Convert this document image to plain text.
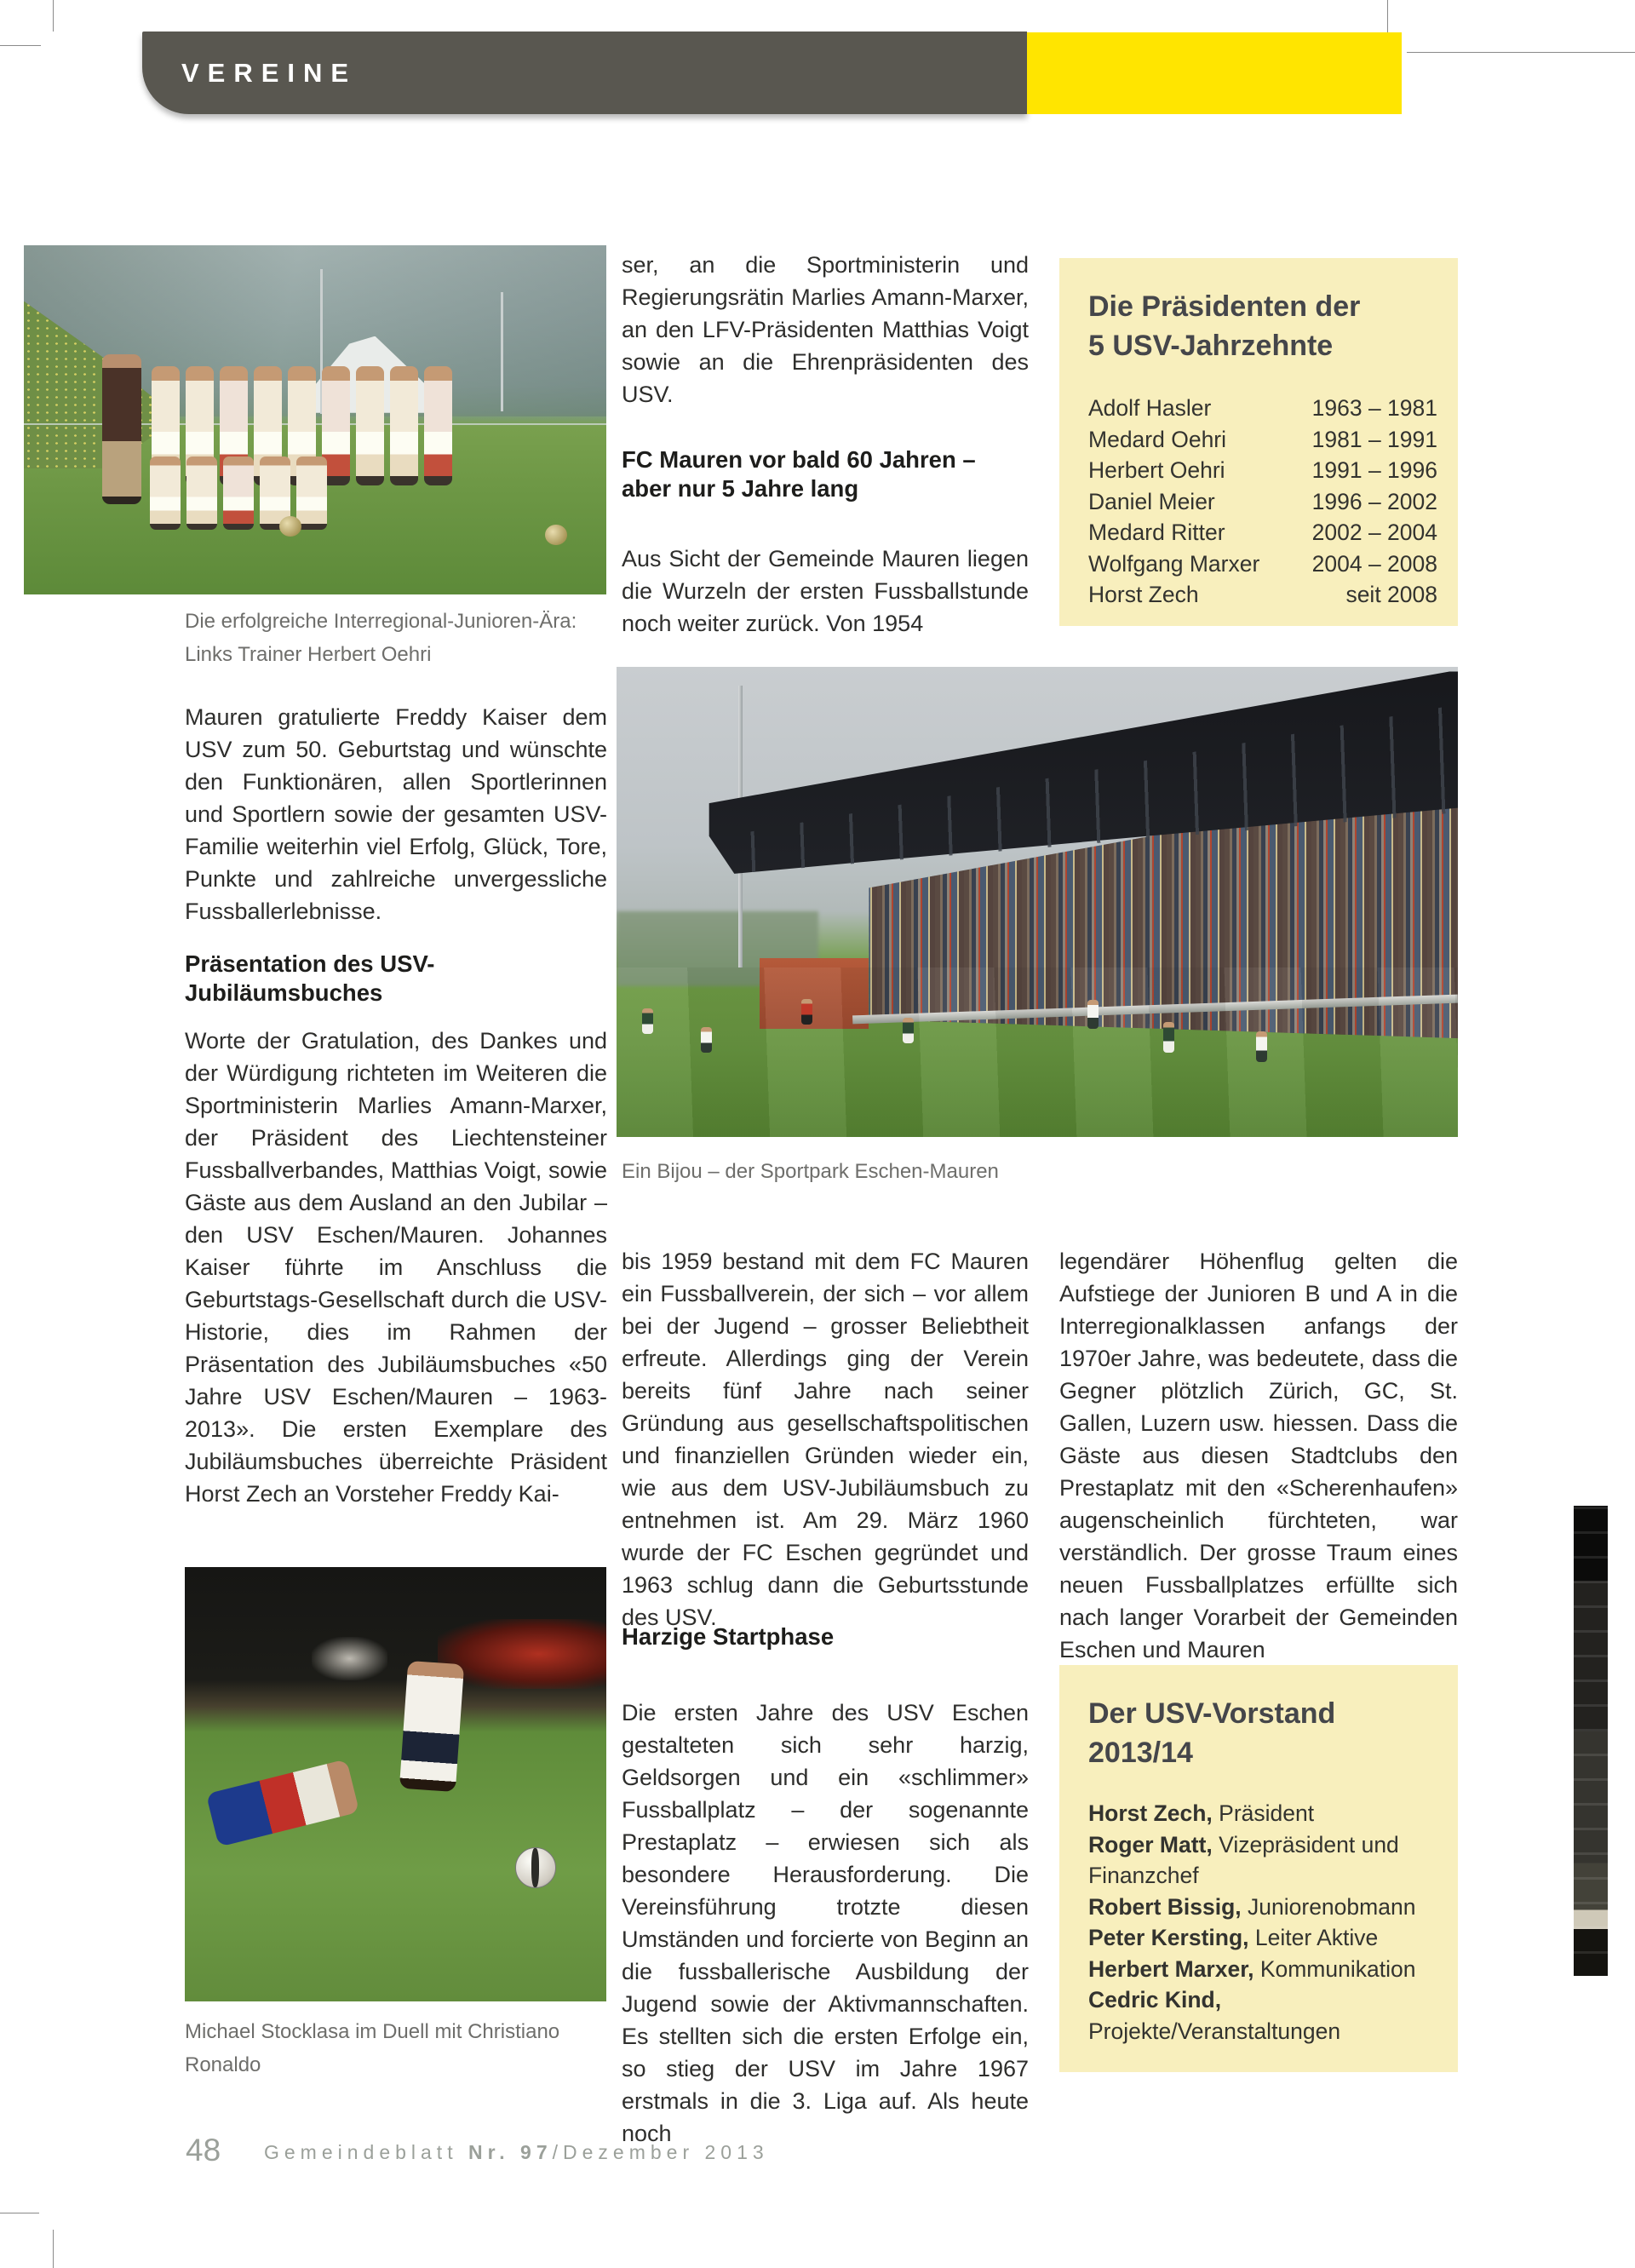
VEREINE
Die erfolgreiche Interregional-Junioren-Ära: Links Trainer Herbert Oehri
ser, an die Sportministerin und Regierungsrätin Marlies Amann-Marxer, an den LFV-Präsidenten Matthias Voigt sowie an die Ehrenpräsidenten des USV.
FC Mauren vor bald 60 Jahren – aber nur 5 Jahre lang
Aus Sicht der Gemeinde Mauren liegen die Wurzeln der ersten Fussballstunde noch weiter zurück. Von 1954
Die Präsidenten der 5 USV-Jahrzehnte
Adolf Hasler	1963 – 1981
Medard Oehri	1981 – 1991
Herbert Oehri	1991 – 1996
Daniel Meier	1996 – 2002
Medard Ritter	2002 – 2004
Wolfgang Marxer 2004 – 2008
Horst Zech	seit 2008
Mauren gratulierte Freddy Kaiser dem USV zum 50. Geburtstag und wünschte den Funktionären, allen Sportlerinnen und Sportlern sowie der gesamten USV-Familie weiterhin viel Erfolg, Glück, Tore, Punkte und zahlreiche unvergessliche Fussballerlebnisse.
Präsentation des USV-Jubiläumsbuches
Worte der Gratulation, des Dankes und der Würdigung richteten im Weiteren die Sportministerin Marlies Amann-Marxer, der Präsident des Liechtensteiner Fussballverbandes, Matthias Voigt, sowie Gäste aus dem Ausland an den Jubilar – den USV Eschen/Mauren. Johannes Kaiser führte im Anschluss die Geburtstags-Gesellschaft durch die USV-Historie, dies im Rahmen der Präsentation des Jubiläumsbuches «50 Jahre USV Eschen/Mauren – 1963-2013». Die ersten Exemplare des Jubiläumsbuches überreichte Präsident Horst Zech an Vorsteher Freddy Kai-
Ein Bijou – der Sportpark Eschen-Mauren
bis 1959 bestand mit dem FC Mauren ein Fussballverein, der sich – vor allem bei der Jugend – grosser Beliebtheit erfreute. Allerdings ging der Verein bereits fünf Jahre nach seiner Gründung aus gesellschaftspolitischen und finanziellen Gründen wieder ein, wie aus dem USV-Jubiläumsbuch zu entnehmen ist. Am 29. März 1960 wurde der FC Eschen gegründet und 1963 schlug dann die Geburtsstunde des USV.
Harzige Startphase
Die ersten Jahre des USV Eschen gestalteten sich sehr harzig, Geldsorgen und ein «schlimmer» Fussballplatz – der sogenannte Prestaplatz – erwiesen sich als besondere Herausforderung. Die Vereinsführung trotzte diesen Umständen und forcierte von Beginn an die fussballerische Ausbildung der Jugend sowie der Aktivmannschaften. Es stellten sich die ersten Erfolge ein, so stieg der USV im Jahre 1967 erstmals in die 3. Liga auf. Als heute noch
legendärer Höhenflug gelten die Aufstiege der Junioren B und A in die Interregionalklassen anfangs der 1970er Jahre, was bedeutete, dass die Gegner plötzlich Zürich, GC, St. Gallen, Luzern usw. hiessen. Dass die Gäste aus diesen Stadtclubs den Prestaplatz mit den «Scherenhaufen» augenscheinlich fürchteten, war verständlich. Der grosse Traum eines neuen Fussballplatzes erfüllte sich nach langer Vorarbeit der Gemeinden Eschen und Mauren
Der USV-Vorstand 2013/14
Horst Zech, Präsident
Roger Matt, Vizepräsident und Finanzchef
Robert Bissig, Juniorenobmann
Peter Kersting, Leiter Aktive
Herbert Marxer, Kommunikation
Cedric Kind, Projekte/Veranstaltungen
Michael Stocklasa im Duell mit Christiano Ronaldo
48 Gemeindeblatt Nr. 97/Dezember 2013
